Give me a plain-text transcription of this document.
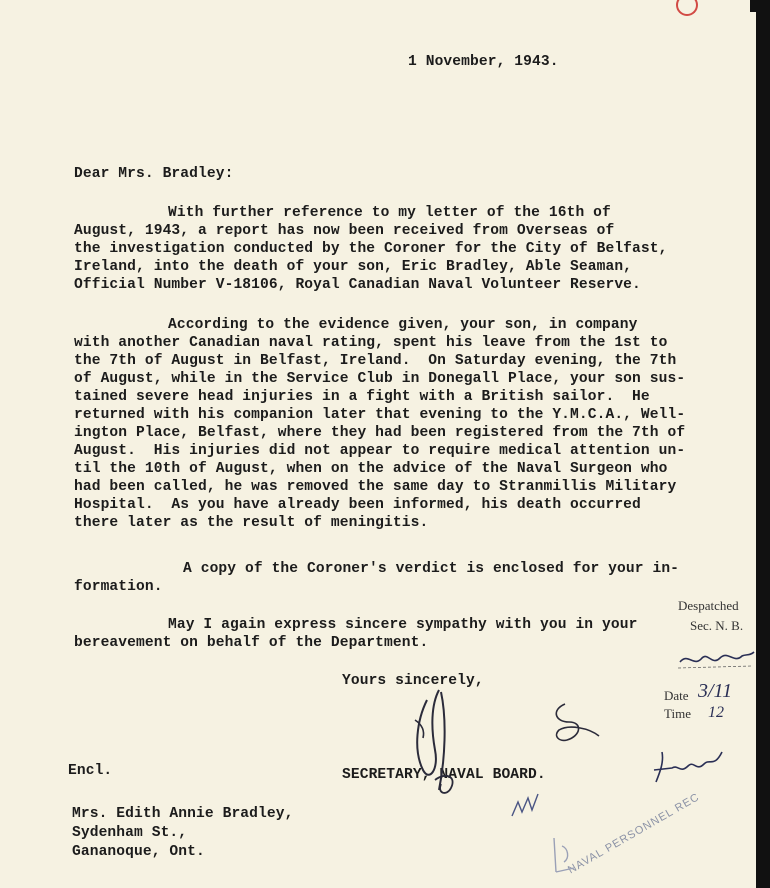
1 November, 1943.
Dear Mrs. Bradley:
With further reference to my letter of the 16th of
August, 1943, a report has now been received from Overseas of
the investigation conducted by the Coroner for the City of Belfast,
Ireland, into the death of your son, Eric Bradley, Able Seaman,
Official Number V-18106, Royal Canadian Naval Volunteer Reserve.
According to the evidence given, your son, in company
with another Canadian naval rating, spent his leave from the 1st to
the 7th of August in Belfast, Ireland.  On Saturday evening, the 7th
of August, while in the Service Club in Donegall Place, your son sus-
tained severe head injuries in a fight with a British sailor.  He
returned with his companion later that evening to the Y.M.C.A., Well-
ington Place, Belfast, where they had been registered from the 7th of
August.  His injuries did not appear to require medical attention un-
til the 10th of August, when on the advice of the Naval Surgeon who
had been called, he was removed the same day to Stranmillis Military
Hospital.  As you have already been informed, his death occurred
there later as the result of meningitis.
A copy of the Coroner's verdict is enclosed for your in-
formation.
May I again express sincere sympathy with you in your
bereavement on behalf of the Department.
Yours sincerely,
Encl.	SECRETARY, NAVAL BOARD.
Mrs. Edith Annie Bradley,
Sydenham St.,
Gananoque, Ont.
Despatched
Sec. N. B.
Date 3/11
Time 12
NAVAL PERSONNEL REC
